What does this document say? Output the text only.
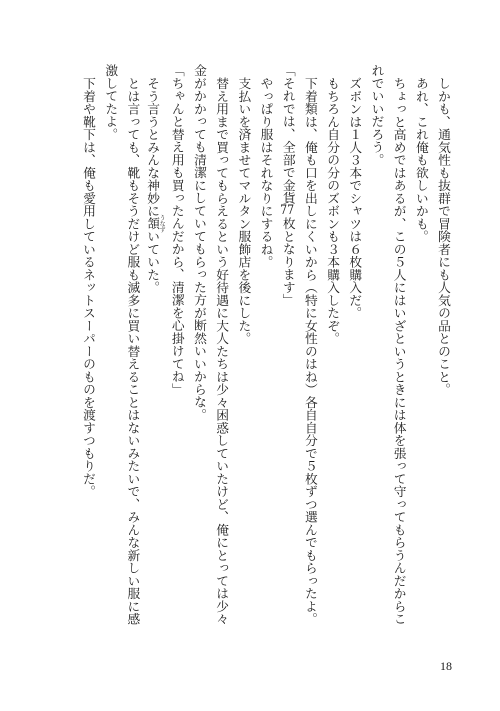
しかも、通気性も抜群で冒険者にも人気の品とのこと。
あれ、これ俺も欲しいかも。
ちょっと高めではあるが、この５人にはいざというときには体を張って守ってもらうんだからこ
れでいいだろう。
ズボンは１人３本でシャツは６枚購入だ。
もちろん自分の分のズボンも３本購入したぞ。
下着類は、俺も口を出しにくいから（特に女性のはね）各自自分で５枚ずつ選んでもらったよ。
「それでは、全部で金貨77枚となります」
やっぱり服はそれなりにするね。
支払いを済ませてマルタン服飾店を後にした。
替え用まで買ってもらえるという好待遇に大人たちは少々困惑していたけど、俺にとっては少々
金がかかっても清潔にしていてもらった方が断然いいからな。
「ちゃんと替え用も買ったんだから、清潔を心掛けてね」
そう言うとみんな神妙に頷 うなずいていた。
とは言っても、靴もそうだけど服も滅多に買い替えることはないみたいで、みんな新しい服に感
激してたよ。
下着や靴下は、俺も愛用しているネットスーパーのものを渡すつもりだ。
18
